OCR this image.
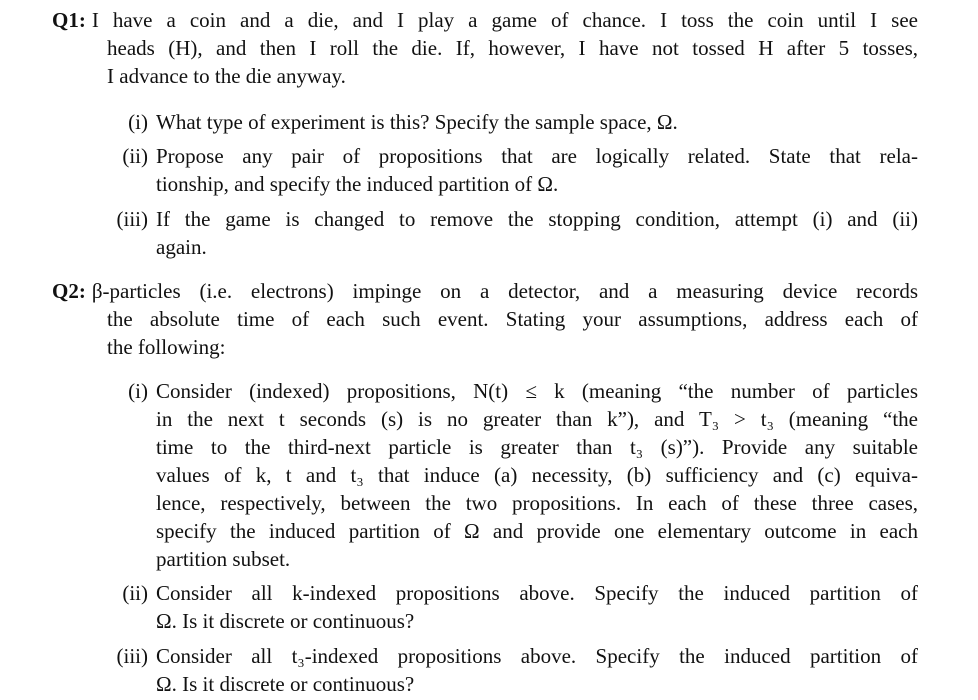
Q1: I have a coin and a die, and I play a game of chance. I toss the coin until I see
heads (H), and then I roll the die. If, however, I have not tossed H after 5 tosses,
I advance to the die anyway.
(i) What type of experiment is this? Specify the sample space, Ω.
(ii) Propose any pair of propositions that are logically related. State that rela-
tionship, and specify the induced partition of Ω.
(iii) If the game is changed to remove the stopping condition, attempt (i) and (ii)
again.
Q2: β-particles (i.e. electrons) impinge on a detector, and a measuring device records
the absolute time of each such event. Stating your assumptions, address each of
the following:
(i) Consider (indexed) propositions, N(t) ≤ k (meaning “the number of particles
in the next t seconds (s) is no greater than k”), and T₃ > t₃ (meaning “the
time to the third-next particle is greater than t₃ (s)”). Provide any suitable
values of k, t and t₃ that induce (a) necessity, (b) sufficiency and (c) equiva-
lence, respectively, between the two propositions. In each of these three cases,
specify the induced partition of Ω and provide one elementary outcome in each
partition subset.
(ii) Consider all k-indexed propositions above. Specify the induced partition of
Ω. Is it discrete or continuous?
(iii) Consider all t₃-indexed propositions above. Specify the induced partition of
Ω. Is it discrete or continuous?
